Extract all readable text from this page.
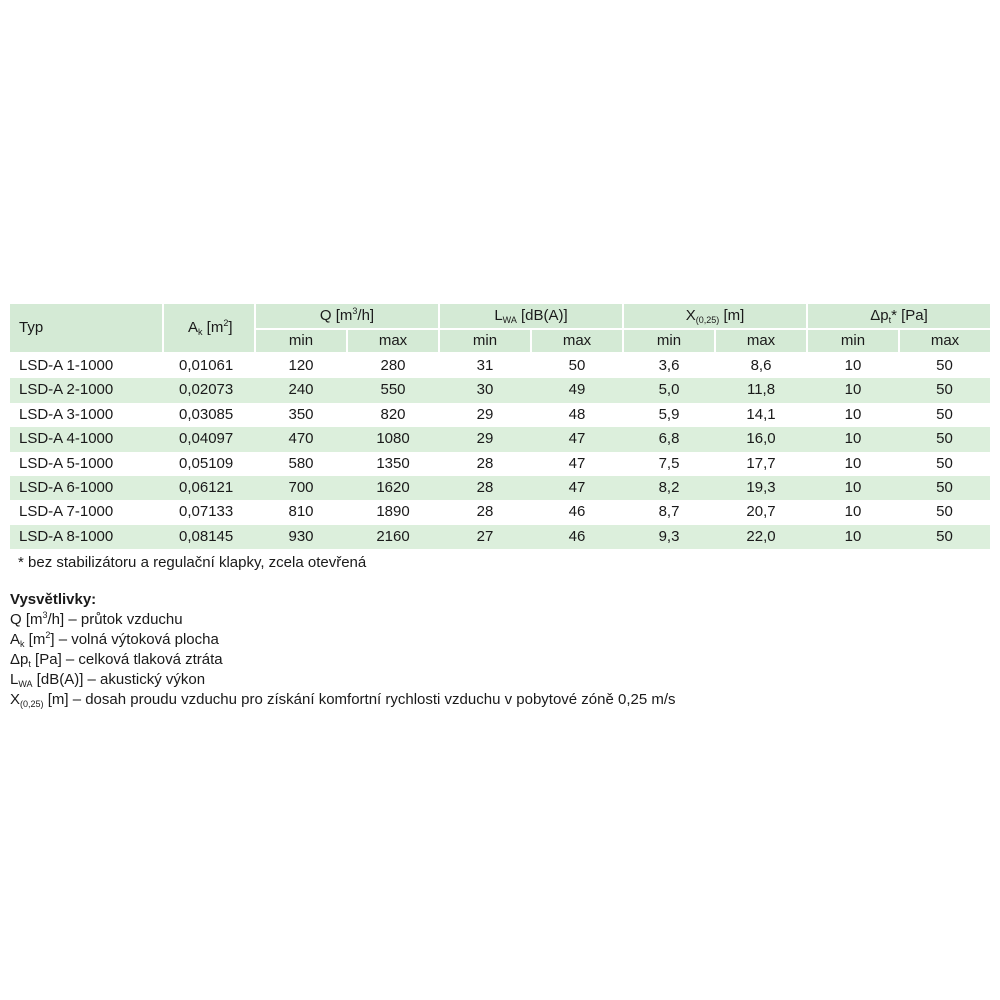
Typ	$A_k$ $[m^2]$	Q $[m^3/h]$		$L_{WA}$ [dB(A)]		$X_{(0,25)}$ [m]		$\Delta p_t*$ [Pa]	
		min	max	min	max	min	max	min	max
LSD-A 1-1000	0,01061	120	280	31	50	3,6	8,6	10	50
LSD-A 2-1000	0,02073	240	550	30	49	5,0	11,8	10	50
LSD-A 3-1000	0,03085	350	820	29	48	5,9	14,1	10	50
LSD-A 4-1000	0,04097	470	1080	29	47	6,8	16,0	10	50
LSD-A 5-1000	0,05109	580	1350	28	47	7,5	17,7	10	50
LSD-A 6-1000	0,06121	700	1620	28	47	8,2	19,3	10	50
LSD-A 7-1000	0,07133	810	1890	28	46	8,7	20,7	10	50
LSD-A 8-1000	0,08145	930	2160	27	46	9,3	22,0	10	50
* bez stabilizátoru a regulační klapky, zcela otevřená
Vysvětlivky:
Q $[m^3/h]$ – průtok vzduchu
$A_k$ $[m^2]$ – volná výtoková plocha
$\Delta p_t$ [Pa] – celková tlaková ztráta
$L_{WA}$ [dB(A)] – akustický výkon
$X_{(0,25)}$ [m] – dosah proudu vzduchu pro získání komfortní rychlosti vzduchu v pobytové zóně 0,25 m/s
